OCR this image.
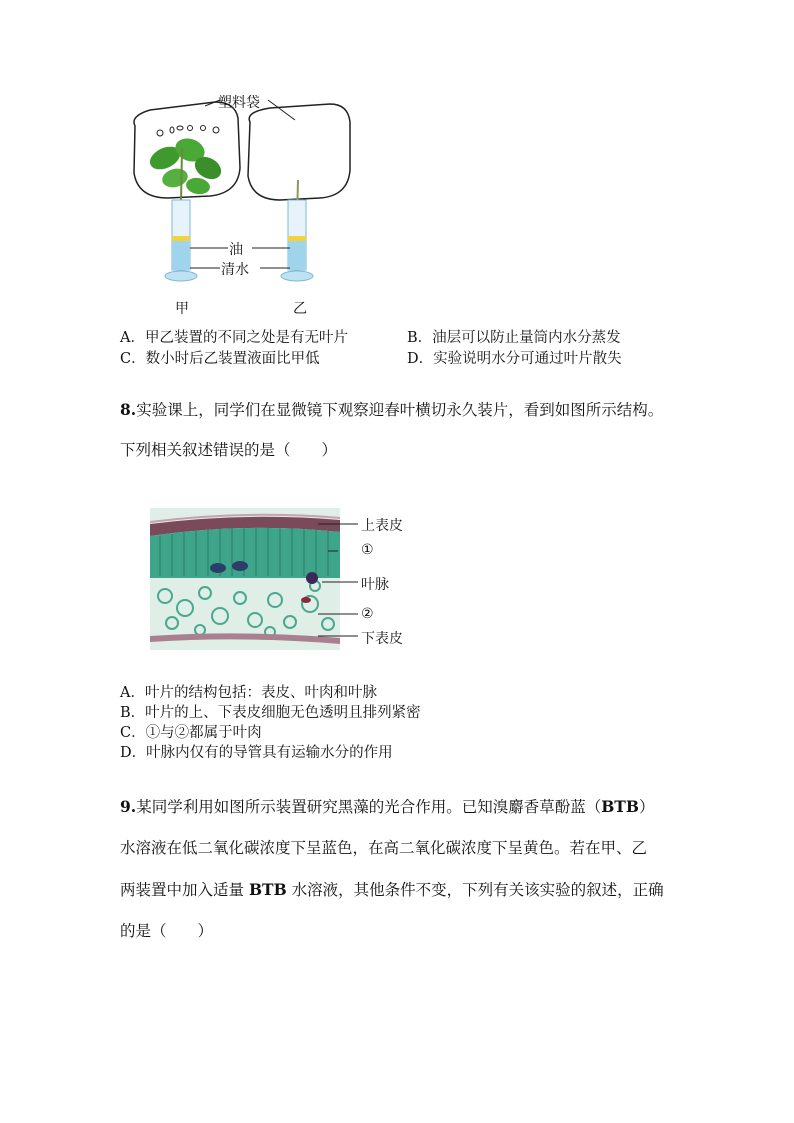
塑料袋
油
清水
甲	乙
A．甲乙装置的不同之处是有无叶片	B．油层可以防止量筒内水分蒸发
C．数小时后乙装置液面比甲低	D．实验说明水分可通过叶片散失
8.实验课上，同学们在显微镜下观察迎春叶横切永久装片，看到如图所示结构。
下列相关叙述错误的是（　　）
上表皮
①
叶脉
②
下表皮
A．叶片的结构包括：表皮、叶肉和叶脉
B．叶片的上、下表皮细胞无色透明且排列紧密
C．①与②都属于叶肉
D．叶脉内仅有的导管具有运输水分的作用
9.某同学利用如图所示装置研究黑藻的光合作用。已知溴麝香草酚蓝（BTB）
水溶液在低二氧化碳浓度下呈蓝色，在高二氧化碳浓度下呈黄色。若在甲、乙
两装置中加入适量 BTB 水溶液，其他条件不变，下列有关该实验的叙述，正确
的是（　　）
